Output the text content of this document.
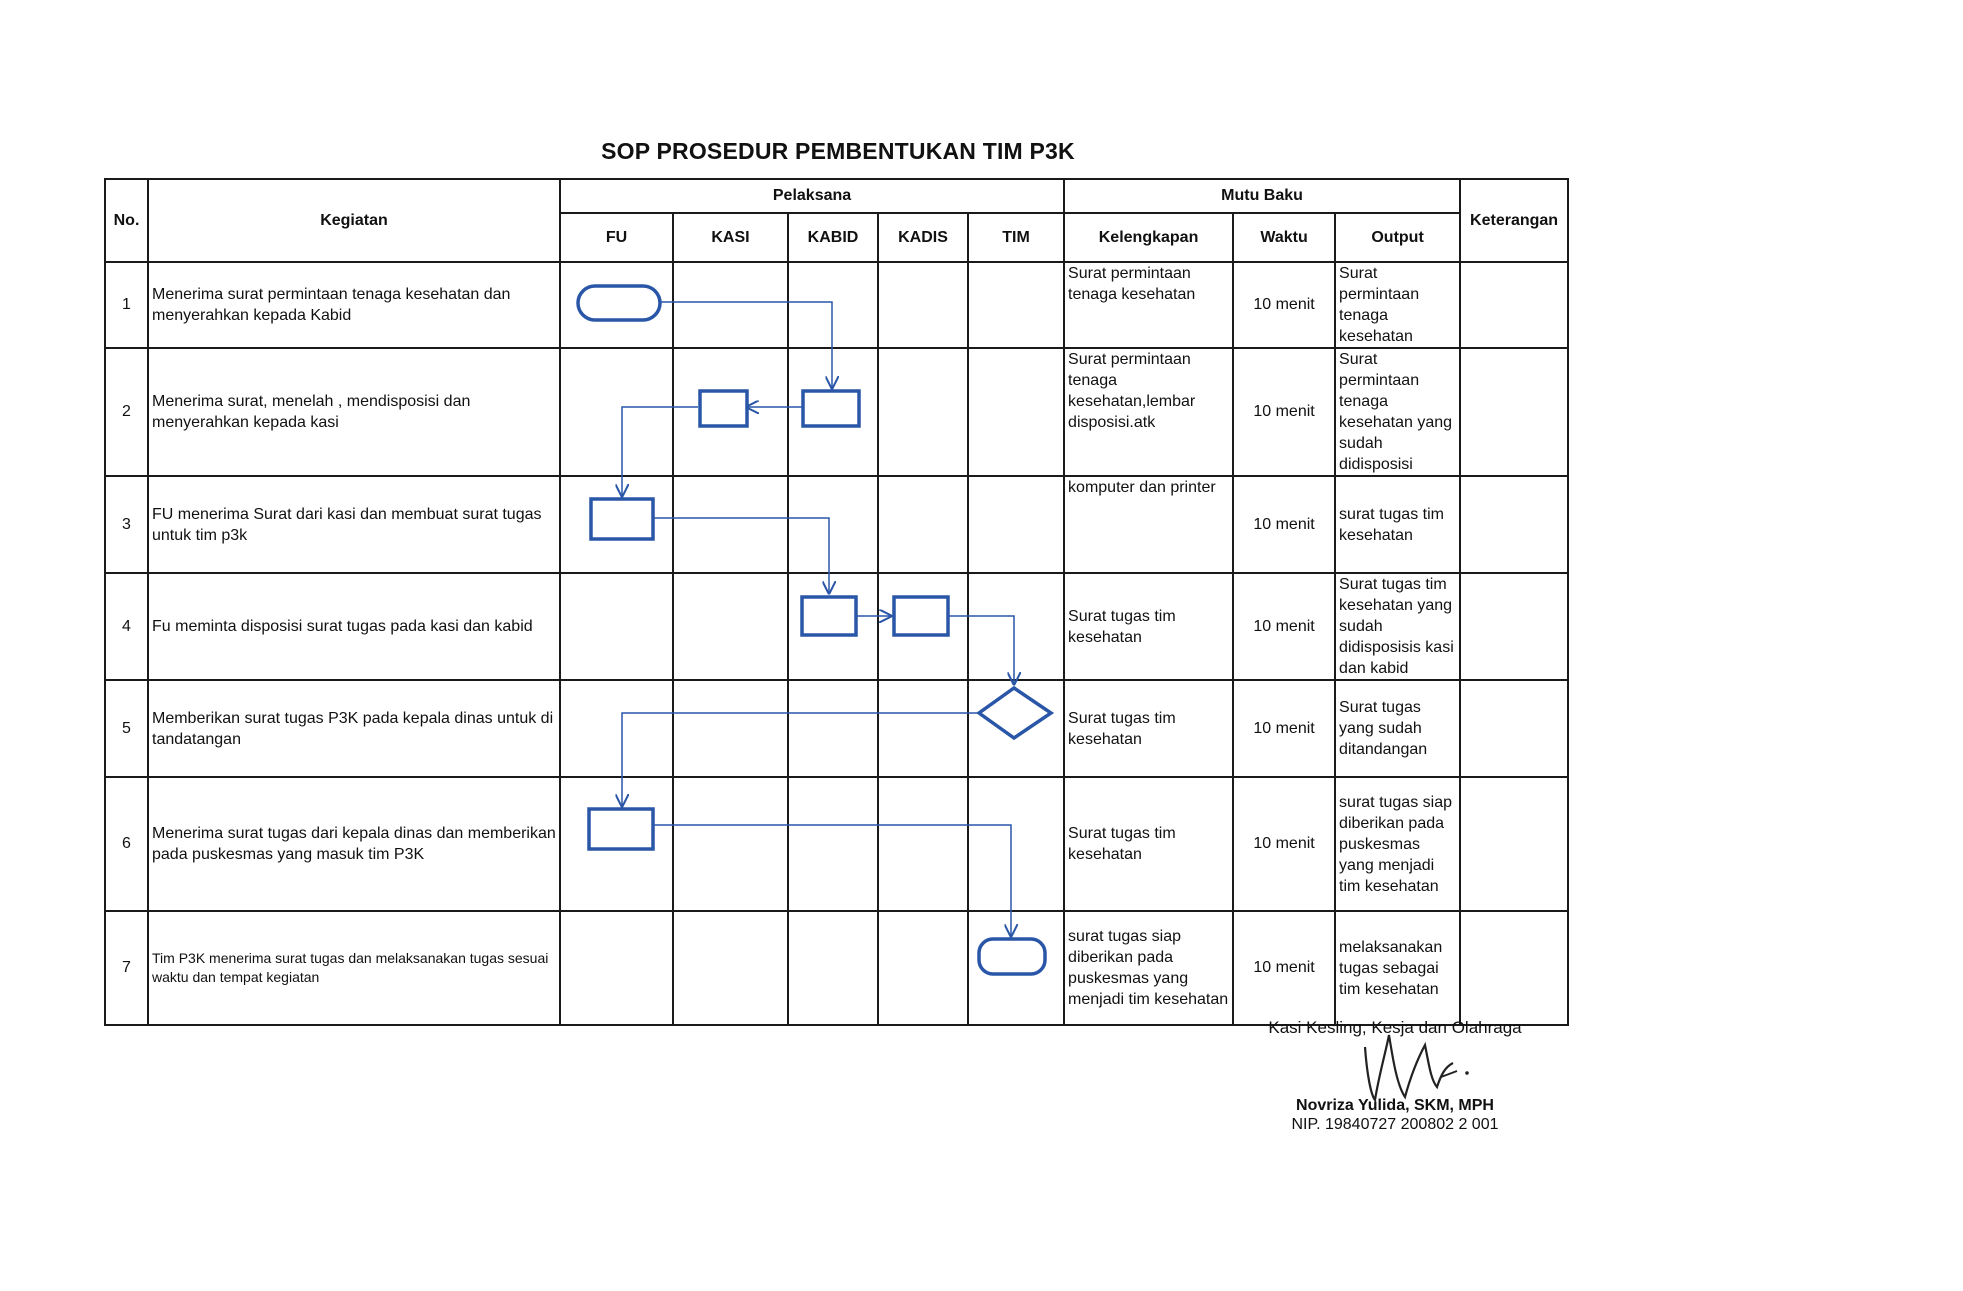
SOP PROSEDUR PEMBENTUKAN TIM P3K
No.	Kegiatan	Pelaksana					Mutu Baku			Keterangan
		FU	KASI	KABID	KADIS	TIM	Kelengkapan	Waktu	Output	
1	Menerima surat permintaan tenaga kesehatan dan menyerahkan kepada Kabid						Surat permintaan tenaga kesehatan	10 menit	Surat permintaan tenaga kesehatan	
2	Menerima surat, menelah , mendisposisi dan menyerahkan kepada kasi						Surat permintaan tenaga kesehatan,lembar disposisi.atk	10 menit	Surat permintaan tenaga kesehatan yang sudah didisposisi	
3	FU menerima Surat dari kasi dan membuat surat tugas untuk tim p3k						komputer dan printer	10 menit	surat tugas tim kesehatan	
4	Fu meminta disposisi surat tugas pada kasi dan kabid						Surat tugas tim kesehatan	10 menit	Surat tugas tim kesehatan yang sudah didisposisis kasi dan kabid	
5	Memberikan surat tugas P3K pada kepala dinas untuk di tandatangan						Surat tugas tim kesehatan	10 menit	Surat tugas yang sudah ditandangan	
6	Menerima surat tugas dari kepala dinas dan memberikan pada puskesmas yang masuk tim P3K						Surat tugas tim kesehatan	10 menit	surat tugas siap diberikan pada puskesmas yang menjadi tim kesehatan	
7	Tim P3K menerima surat tugas dan melaksanakan tugas sesuai waktu dan tempat kegiatan						surat tugas siap diberikan pada puskesmas yang menjadi tim kesehatan	10 menit	melaksanakan tugas sebagai tim kesehatan	
Kasi Kesling, Kesja dan Olahraga
Novriza Yulida, SKM, MPH
NIP. 19840727 200802 2 001
